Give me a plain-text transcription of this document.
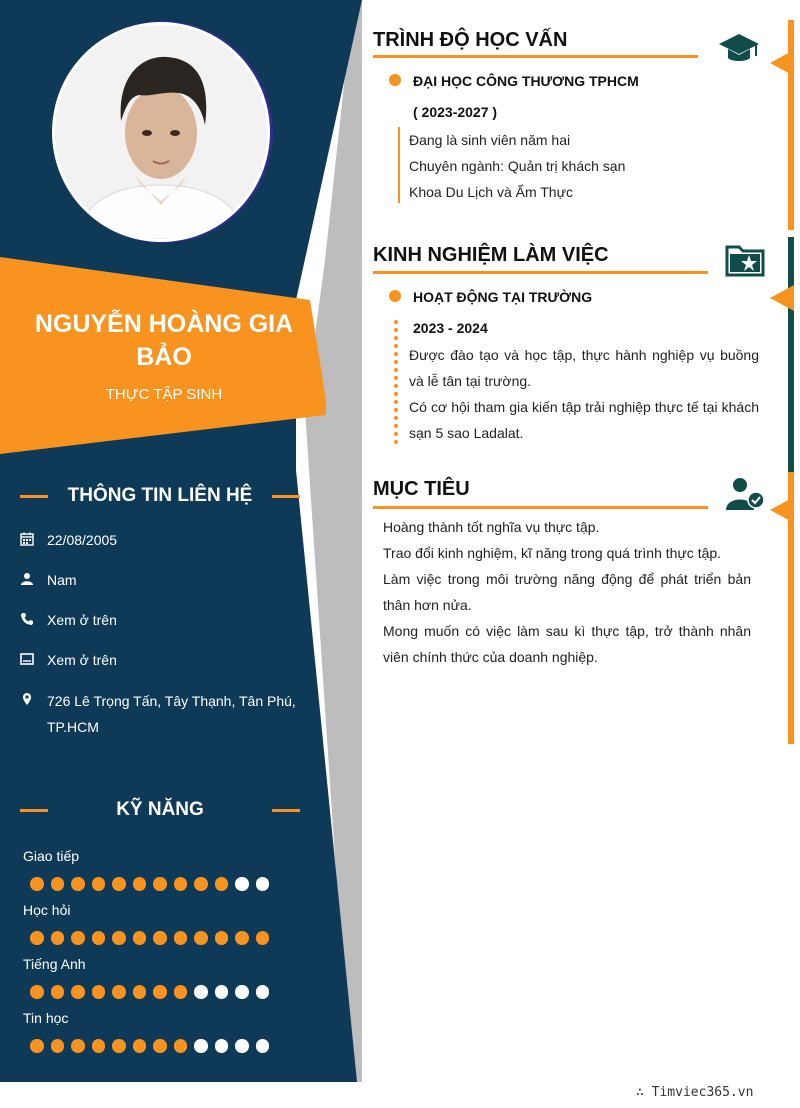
NGUYỄN HOÀNG GIA BẢO

THỰC TẬP SINH

THÔNG TIN LIÊN HỆ
22/08/2005
Nam
Xem ở trên
Xem ở trên
726 Lê Trọng Tấn, Tây Thạnh, Tân Phú, TP.HCM
KỸ NĂNG
Giao tiếp
Học hỏi
Tiếng Anh
Tin học
TRÌNH ĐỘ HỌC VẤN
ĐẠI HỌC CÔNG THƯƠNG TPHCM
( 2023-2027 )

Đang là sinh viên năm hai

Chuyên ngành: Quản trị khách sạn

Khoa Du Lịch và Ẩm Thực

KINH NGHIỆM LÀM VIỆC
HOẠT ĐỘNG TẠI TRƯỜNG
2023 - 2024

Được đào tạo và học tập, thực hành nghiệp vụ buồng và lễ tân tại trường.

Có cơ hội tham gia kiến tập trải nghiệp thực tế tại khách sạn 5 sao Ladalat.

MỤC TIÊU

Hoàng thành tốt nghĩa vụ thực tập.

Trao đổi kinh nghiệm, kĩ năng trong quá trình thực tập.

Làm việc trong môi trường năng động để phát triển bản thân hơn nửa.

Mong muốn có việc làm sau kì thực tập, trở thành nhân viên chính thức của doanh nghiệp.

∴ Timviec365.vn
